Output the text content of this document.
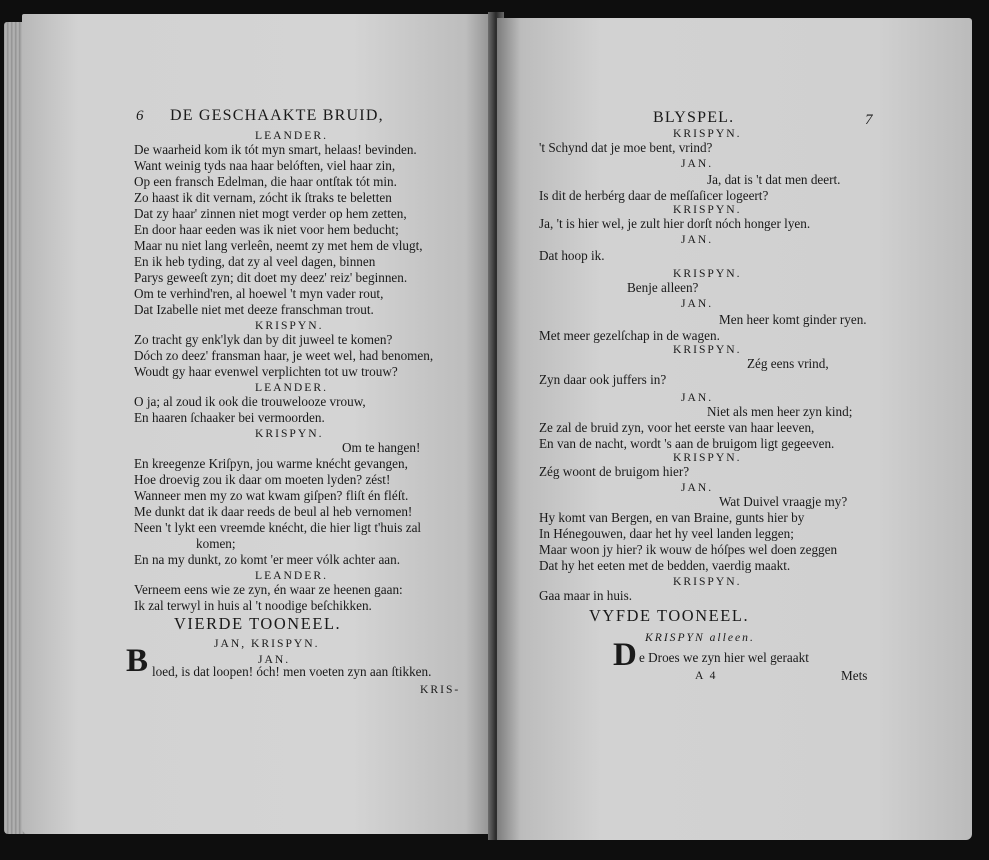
6 DE GESCHAAKTE BRUID,
LEANDER.
De waarheid kom ik tót myn smart, helaas! bevinden.
Want weinig tyds naa haar belóften, viel haar zin,
Op een fransch Edelman, die haar ontſtak tót min.
Zo haast ik dit vernam, zócht ik ſtraks te beletten
Dat zy haar' zinnen niet mogt verder op hem zetten,
En door haar eeden was ik niet voor hem beducht;
Maar nu niet lang verleên, neemt zy met hem de vlugt,
En ik heb tyding, dat zy al veel dagen, binnen
Parys geweeſt zyn; dit doet my deez' reiz' beginnen.
Om te verhind'ren, al hoewel 't myn vader rout,
Dat Izabelle niet met deeze franschman trout.
KRISPYN.
Zo tracht gy enk'lyk dan by dit juweel te komen?
Dóch zo deez' fransman haar, je weet wel, had benomen,
Woudt gy haar evenwel verplichten tot uw trouw?
LEANDER.
O ja; al zoud ik ook die trouwelooze vrouw,
En haaren ſchaaker bei vermoorden.
KRISPYN.
Om te hangen!
En kreegenze Kriſpyn, jou warme knécht gevangen,
Hoe droevig zou ik daar om moeten lyden? zést!
Wanneer men my zo wat kwam giſpen? fliſt én fléſt.
Me dunkt dat ik daar reeds de beul al heb vernomen!
Neen 't lykt een vreemde knécht, die hier ligt t'huis zal
komen;
En na my dunkt, zo komt 'er meer vólk achter aan.
LEANDER.
Verneem eens wie ze zyn, én waar ze heenen gaan:
Ik zal terwyl in huis al 't noodige beſchikken.
VIERDE TOONEEL.
JAN, KRISPYN.
JAN.
B loed, is dat loopen! óch! men voeten zyn aan ſtikken.
KRIS-
BLYSPEL.	7
KRISPYN.
't Schynd dat je moe bent, vrind?
JAN.
Ja, dat is 't dat men deert.
Is dit de herbérg daar de meſſaſicer logeert?
KRISPYN.
Ja, 't is hier wel, je zult hier dorſt nóch honger lyen.
JAN.
Dat hoop ik.
KRISPYN.
Benje alleen?
JAN.
Men heer komt ginder ryen.
Met meer gezelſchap in de wagen.
KRISPYN.
Zég eens vrind,
Zyn daar ook juffers in?
JAN.
Niet als men heer zyn kind;
Ze zal de bruid zyn, voor het eerste van haar leeven,
En van de nacht, wordt 's aan de bruigom ligt gegeeven.
KRISPYN.
Zég woont de bruigom hier?
JAN.
Wat Duivel vraagje my?
Hy komt van Bergen, en van Braine, gunts hier by
In Hénegouwen, daar het hy veel landen leggen;
Maar woon jy hier? ik wouw de hóſpes wel doen zeggen
Dat hy het eeten met de bedden, vaerdig maakt.
KRISPYN.
Gaa maar in huis.
VYFDE TOONEEL.
KRISPYN alleen.
D e Droes we zyn hier wel geraakt
A 4	Mets
